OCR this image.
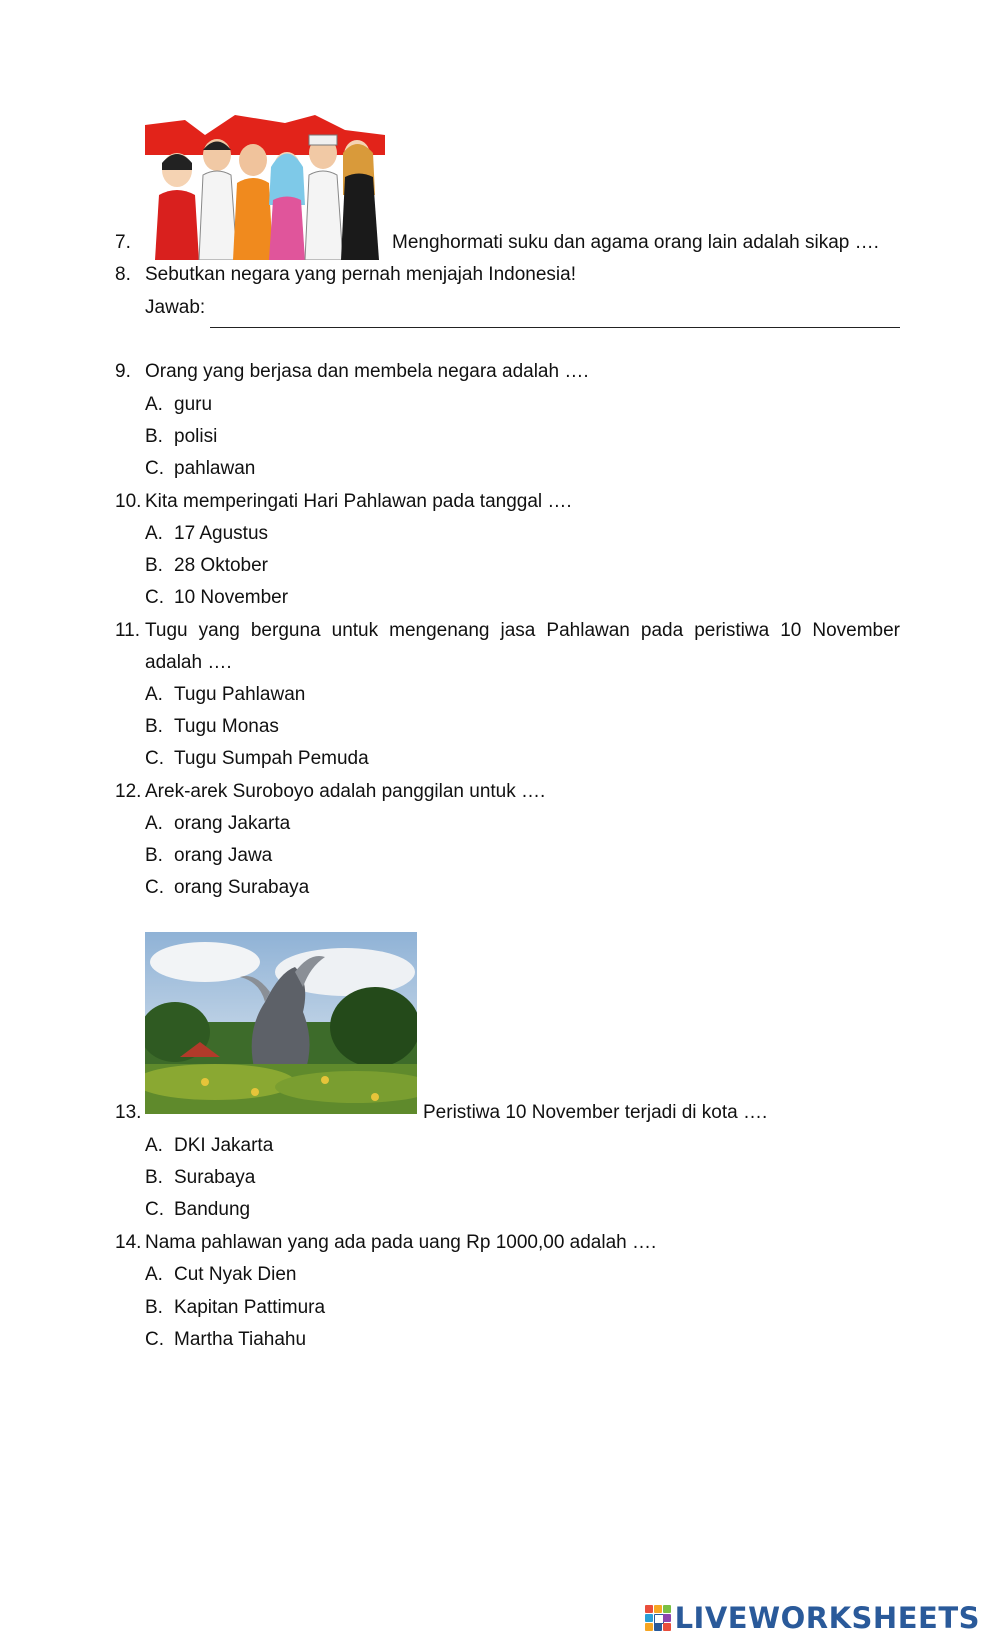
7.	Menghormati suku dan agama orang lain adalah sikap ….
8. Sebutkan negara yang pernah menjajah Indonesia!
Jawab:
9. Orang yang berjasa dan membela negara adalah ….
A. guru
B. polisi
C. pahlawan
10. Kita memperingati Hari Pahlawan pada tanggal ….
A. 17 Agustus
B. 28 Oktober
C. 10 November
11. Tugu yang berguna untuk mengenang jasa Pahlawan pada peristiwa 10 November
adalah ….
A. Tugu Pahlawan
B. Tugu Monas
C. Tugu Sumpah Pemuda
12. Arek-arek Suroboyo adalah panggilan untuk ….
A. orang Jakarta
B. orang Jawa
C. orang Surabaya
13.	Peristiwa 10 November terjadi di kota ….
A. DKI Jakarta
B. Surabaya
C. Bandung
14. Nama pahlawan yang ada pada uang Rp 1000,00 adalah ….
A. Cut Nyak Dien
B. Kapitan Pattimura
C. Martha Tiahahu
LIVEWORKSHEETS
